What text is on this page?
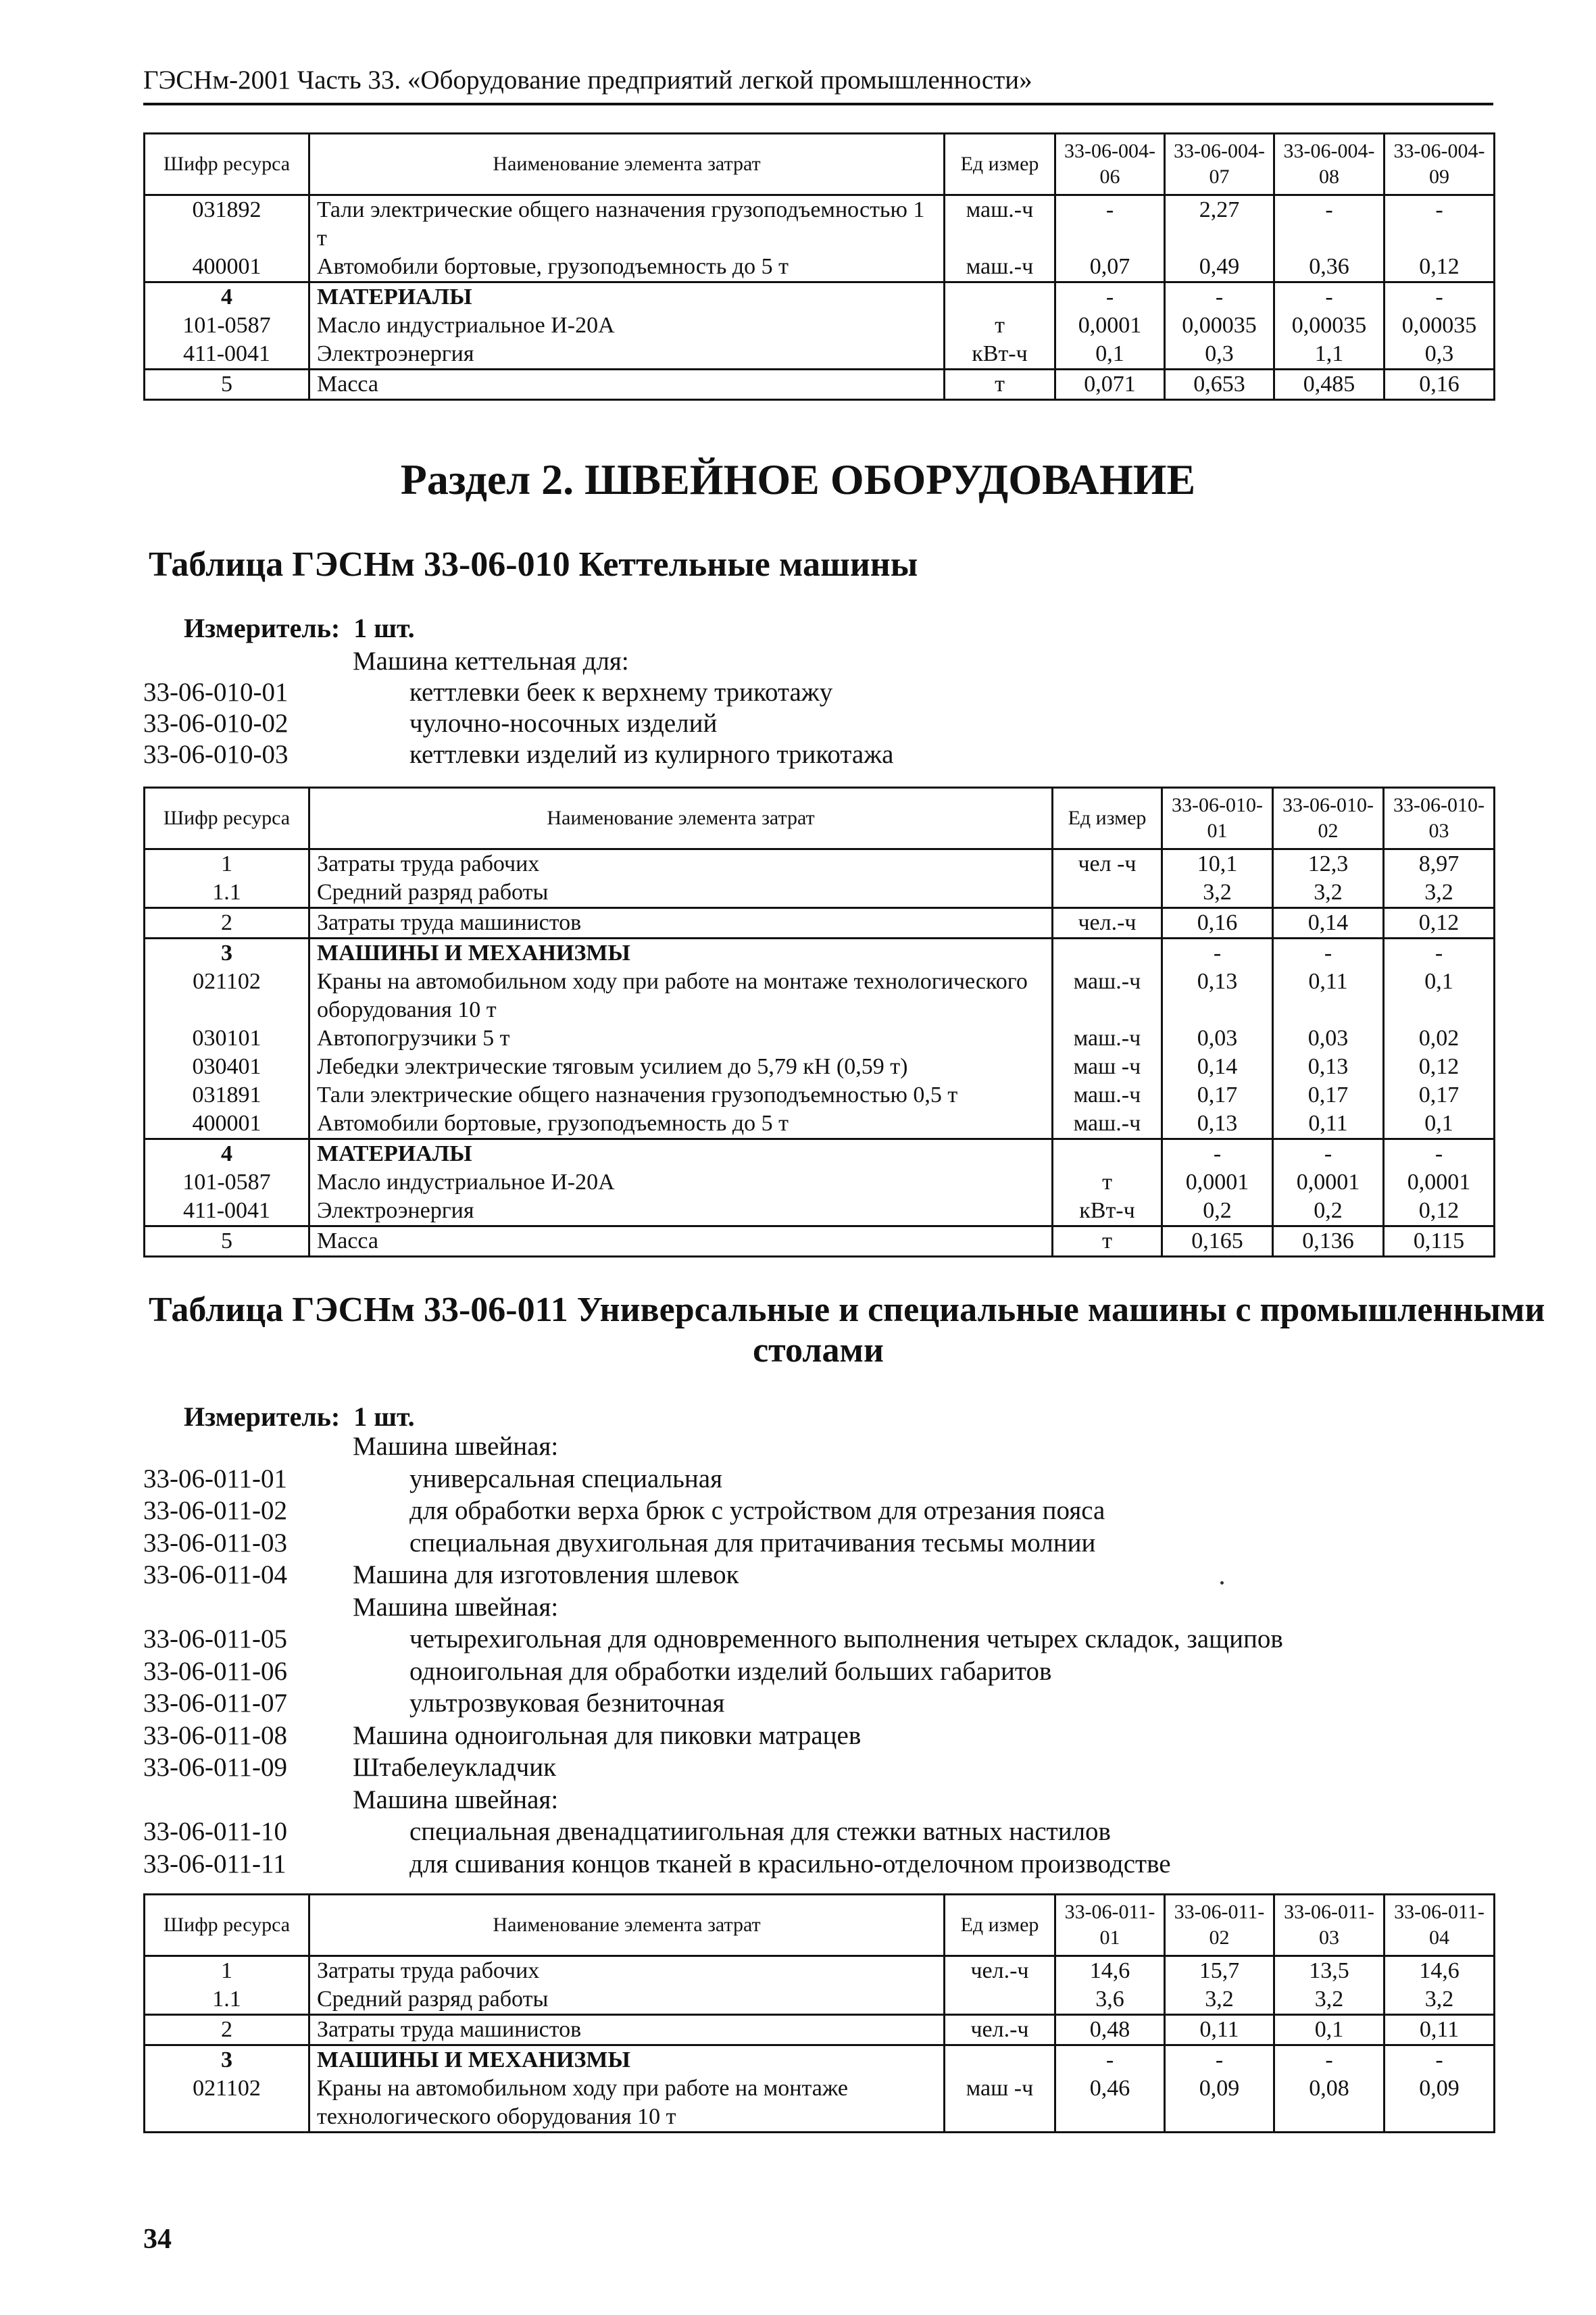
ГЭСНм-2001 Часть 33. «Оборудование предприятий легкой промышленности»
Шифр ресурса	Наименование элемента затрат	Ед измер	33-06-004-06	33-06-004-07	33-06-004-08	33-06-004-09
031892	Тали электрические общего назначения грузоподъемностью 1 т	маш.-ч	-	2,27	-	-
400001	Автомобили бортовые, грузоподъемность до 5 т	маш.-ч	0,07	0,49	0,36	0,12
4	МАТЕРИАЛЫ		-	-	-	-
101-0587	Масло индустриальное И-20А	т	0,0001	0,00035	0,00035	0,00035
411-0041	Электроэнергия	кВт-ч	0,1	0,3	1,1	0,3
5	Масса	т	0,071	0,653	0,485	0,16
Раздел 2. ШВЕЙНОЕ ОБОРУДОВАНИЕ
Таблица ГЭСНм 33-06-010 Кеттельные машины
Измеритель: 1 шт.
Машина кеттельная для:
33-06-010-01	кеттлевки беек к верхнему трикотажу
33-06-010-02	чулочно-носочных изделий
33-06-010-03	кеттлевки изделий из кулирного трикотажа
Шифр ресурса	Наименование элемента затрат	Ед измер	33-06-010-01	33-06-010-02	33-06-010-03
1	Затраты труда рабочих	чел -ч	10,1	12,3	8,97
1.1	Средний разряд работы		3,2	3,2	3,2
2	Затраты труда машинистов	чел.-ч	0,16	0,14	0,12
3	МАШИНЫ И МЕХАНИЗМЫ		-	-	-
021102	Краны на автомобильном ходу при работе на монтаже технологического оборудования 10 т	маш.-ч	0,13	0,11	0,1
030101	Автопогрузчики 5 т	маш.-ч	0,03	0,03	0,02
030401	Лебедки электрические тяговым усилием до 5,79 кН (0,59 т)	маш -ч	0,14	0,13	0,12
031891	Тали электрические общего назначения грузоподъемностью 0,5 т	маш.-ч	0,17	0,17	0,17
400001	Автомобили бортовые, грузоподъемность до 5 т	маш.-ч	0,13	0,11	0,1
4	МАТЕРИАЛЫ		-	-	-
101-0587	Масло индустриальное И-20А	т	0,0001	0,0001	0,0001
411-0041	Электроэнергия	кВт-ч	0,2	0,2	0,12
5	Масса	т	0,165	0,136	0,115
Таблица ГЭСНм 33-06-011 Универсальные и специальные машины с промышленными
столами
Измеритель: 1 шт.
Машина швейная:
33-06-011-01	универсальная специальная
33-06-011-02	для обработки верха брюк с устройством для отрезания пояса
33-06-011-03	специальная двухигольная для притачивания тесьмы молнии
33-06-011-04 Машина для изготовления шлевок
Машина швейная:
33-06-011-05	четырехигольная для одновременного выполнения четырех складок, защипов
33-06-011-06	одноигольная для обработки изделий больших габаритов
33-06-011-07	ультрозвуковая безниточная
33-06-011-08 Машина одноигольная для пиковки матрацев
33-06-011-09 Штабелеукладчик
Машина швейная:
33-06-011-10	специальная двенадцатиигольная для стежки ватных настилов
33-06-011-11	для сшивания концов тканей в красильно-отделочном производстве
Шифр ресурса	Наименование элемента затрат	Ед измер	33-06-011-01	33-06-011-02	33-06-011-03	33-06-011-04
1	Затраты труда рабочих	чел.-ч	14,6	15,7	13,5	14,6
1.1	Средний разряд работы		3,6	3,2	3,2	3,2
2	Затраты труда машинистов	чел.-ч	0,48	0,11	0,1	0,11
3	МАШИНЫ И МЕХАНИЗМЫ		-	-	-	-
021102	Краны на автомобильном ходу при работе на монтаже технологического оборудования 10 т	маш -ч	0,46	0,09	0,08	0,09
34
